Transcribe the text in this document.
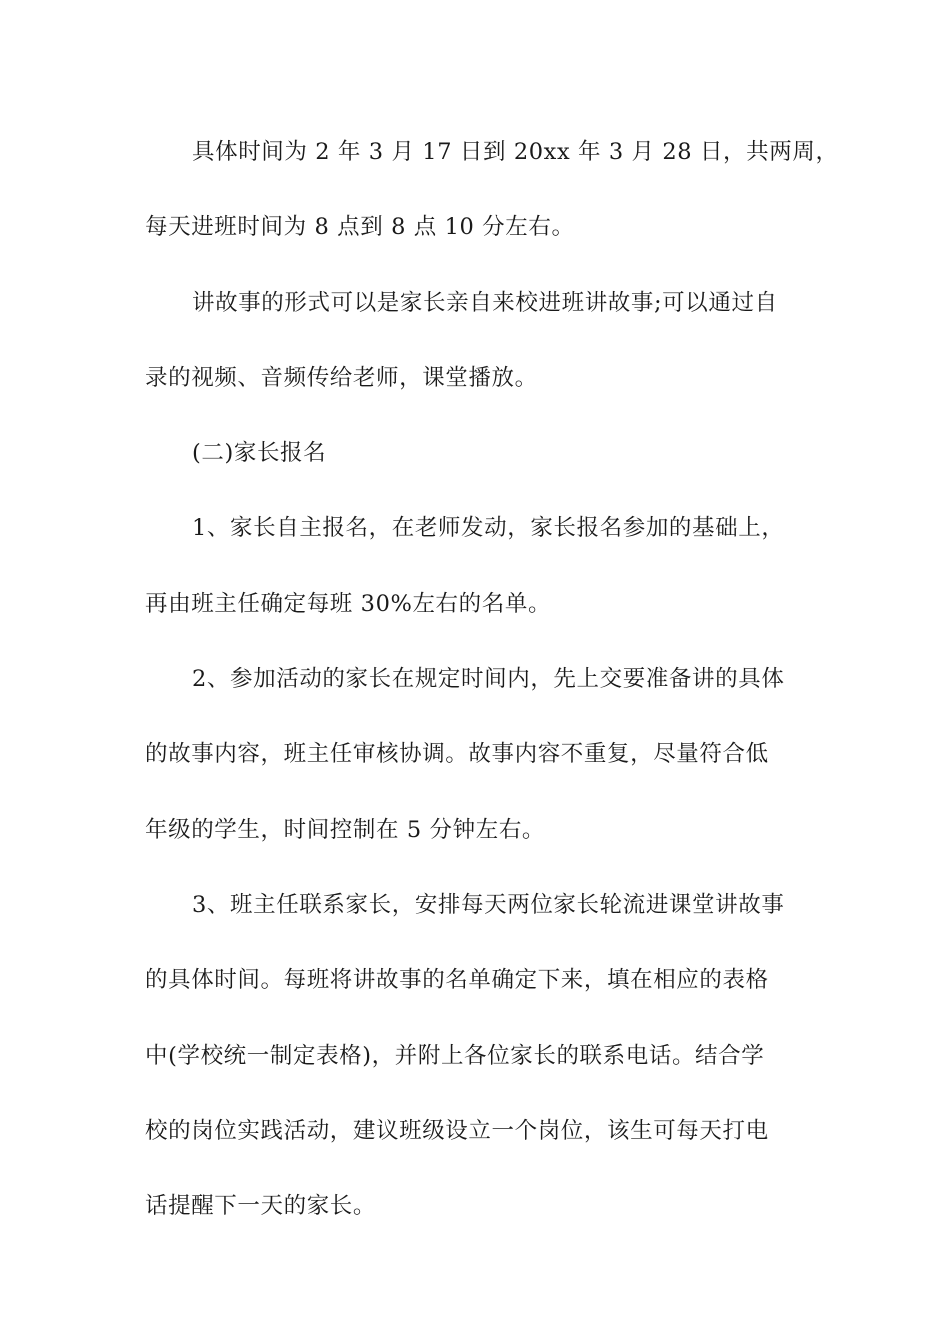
具体时间为 2 年 3 月 17 日到 20xx 年 3 月 28 日，共两周，
每天进班时间为 8 点到 8 点 10 分左右。
讲故事的形式可以是家长亲自来校进班讲故事;可以通过自
录的视频、音频传给老师，课堂播放。
(二)家长报名
1、家长自主报名，在老师发动，家长报名参加的基础上，
再由班主任确定每班 30%左右的名单。
2、参加活动的家长在规定时间内，先上交要准备讲的具体
的故事内容，班主任审核协调。故事内容不重复，尽量符合低
年级的学生，时间控制在 5 分钟左右。
3、班主任联系家长，安排每天两位家长轮流进课堂讲故事
的具体时间。每班将讲故事的名单确定下来，填在相应的表格
中(学校统一制定表格)，并附上各位家长的联系电话。结合学
校的岗位实践活动，建议班级设立一个岗位，该生可每天打电
话提醒下一天的家长。
